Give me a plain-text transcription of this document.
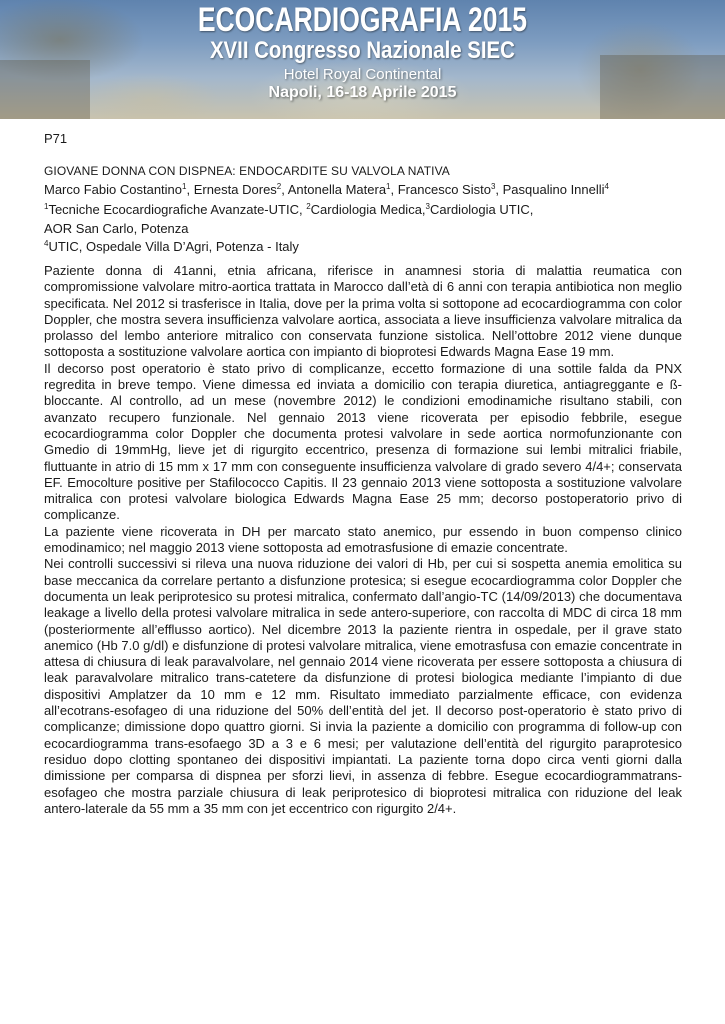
ECOCARDIOGRAFIA 2015
XVII Congresso Nazionale SIEC
Hotel Royal Continental
Napoli, 16-18 Aprile 2015
P71
GIOVANE DONNA CON DISPNEA: ENDOCARDITE SU VALVOLA NATIVA
Marco Fabio Costantino$^1$, Ernesta Dores$^2$, Antonella Matera$^1$, Francesco Sisto$^3$, Pasqualino Innelli$^4$
$^1$Tecniche Ecocardiografiche Avanzate-UTIC, $^2$Cardiologia Medica,$^3$Cardiologia UTIC,
AOR San Carlo, Potenza
$^4$UTIC, Ospedale Villa D’Agri, Potenza - Italy

Paziente donna di 41anni, etnia africana, riferisce in anamnesi storia di malattia reumatica con compromissione valvolare mitro-aortica trattata in Marocco dall’età di 6 anni con terapia antibiotica non meglio specificata. Nel 2012 si trasferisce in Italia, dove per la prima volta si sottopone ad ecocardiogramma con color Doppler, che mostra severa insufficienza valvolare aortica, associata a lieve insufficienza valvolare mitralica da prolasso del lembo anteriore mitralico con conservata funzione sistolica. Nell’ottobre 2012 viene dunque sottoposta a sostituzione valvolare aortica con impianto di bioprotesi Edwards Magna Ease 19 mm.

Il decorso post operatorio è stato privo di complicanze, eccetto formazione di una sottile falda da PNX regredita in breve tempo. Viene dimessa ed inviata a domicilio con terapia diuretica, antiagreggante e ß-bloccante. Al controllo, ad un mese (novembre 2012) le condizioni emodinamiche risultano stabili, con avanzato recupero funzionale. Nel gennaio 2013 viene ricoverata per episodio febbrile, esegue ecocardiogramma color Doppler che documenta protesi valvolare in sede aortica normofunzionante con Gmedio di 19mmHg, lieve jet di rigurgito eccentrico, presenza di formazione sui lembi mitralici friabile, fluttuante in atrio di 15 mm x 17 mm con conseguente insufficienza valvolare di grado severo 4/4+; conservata EF. Emocolture positive per Stafilococco Capitis. Il 23 gennaio 2013 viene sottoposta a sostituzione valvolare mitralica con protesi valvolare biologica Edwards Magna Ease 25 mm; decorso postoperatorio privo di complicanze.

La paziente viene ricoverata in DH per marcato stato anemico, pur essendo in buon compenso clinico emodinamico; nel maggio 2013 viene sottoposta ad emotrasfusione di emazie concentrate.

Nei controlli successivi si rileva una nuova riduzione dei valori di Hb, per cui si sospetta anemia emolitica su base meccanica da correlare pertanto a disfunzione protesica; si esegue ecocardiogramma color Doppler che documenta un leak periprotesico su protesi mitralica, confermato dall’angio-TC (14/09/2013) che documentava leakage a livello della protesi valvolare mitralica in sede antero-superiore, con raccolta di MDC di circa 18 mm (posteriormente all’efflusso aortico). Nel dicembre 2013 la paziente rientra in ospedale, per il grave stato anemico (Hb 7.0 g/dl) e disfunzione di protesi valvolare mitralica, viene emotrasfusa con emazie concentrate in attesa di chiusura di leak paravalvolare, nel gennaio 2014 viene ricoverata per essere sottoposta a chiusura di leak paravalvolare mitralico trans-catetere da disfunzione di protesi biologica mediante l’impianto di due dispositivi Amplatzer da 10 mm e 12 mm. Risultato immediato parzialmente efficace, con evidenza all’ecotrans-esofageo di una riduzione del 50% dell’entità del jet. Il decorso post-operatorio è stato privo di complicanze; dimissione dopo quattro giorni. Si invia la paziente a domicilio con programma di follow-up con ecocardiogramma trans-esofaego 3D a 3 e 6 mesi; per valutazione dell’entità del rigurgito paraprotesico residuo dopo clotting spontaneo dei dispositivi impiantati. La paziente torna dopo circa venti giorni dalla dimissione per comparsa di dispnea per sforzi lievi, in assenza di febbre. Esegue ecocardiogrammatrans-esofageo che mostra parziale chiusura di leak periprotesico di bioprotesi mitralica con riduzione del leak antero-laterale da 55 mm a 35 mm con jet eccentrico con rigurgito 2/4+.
